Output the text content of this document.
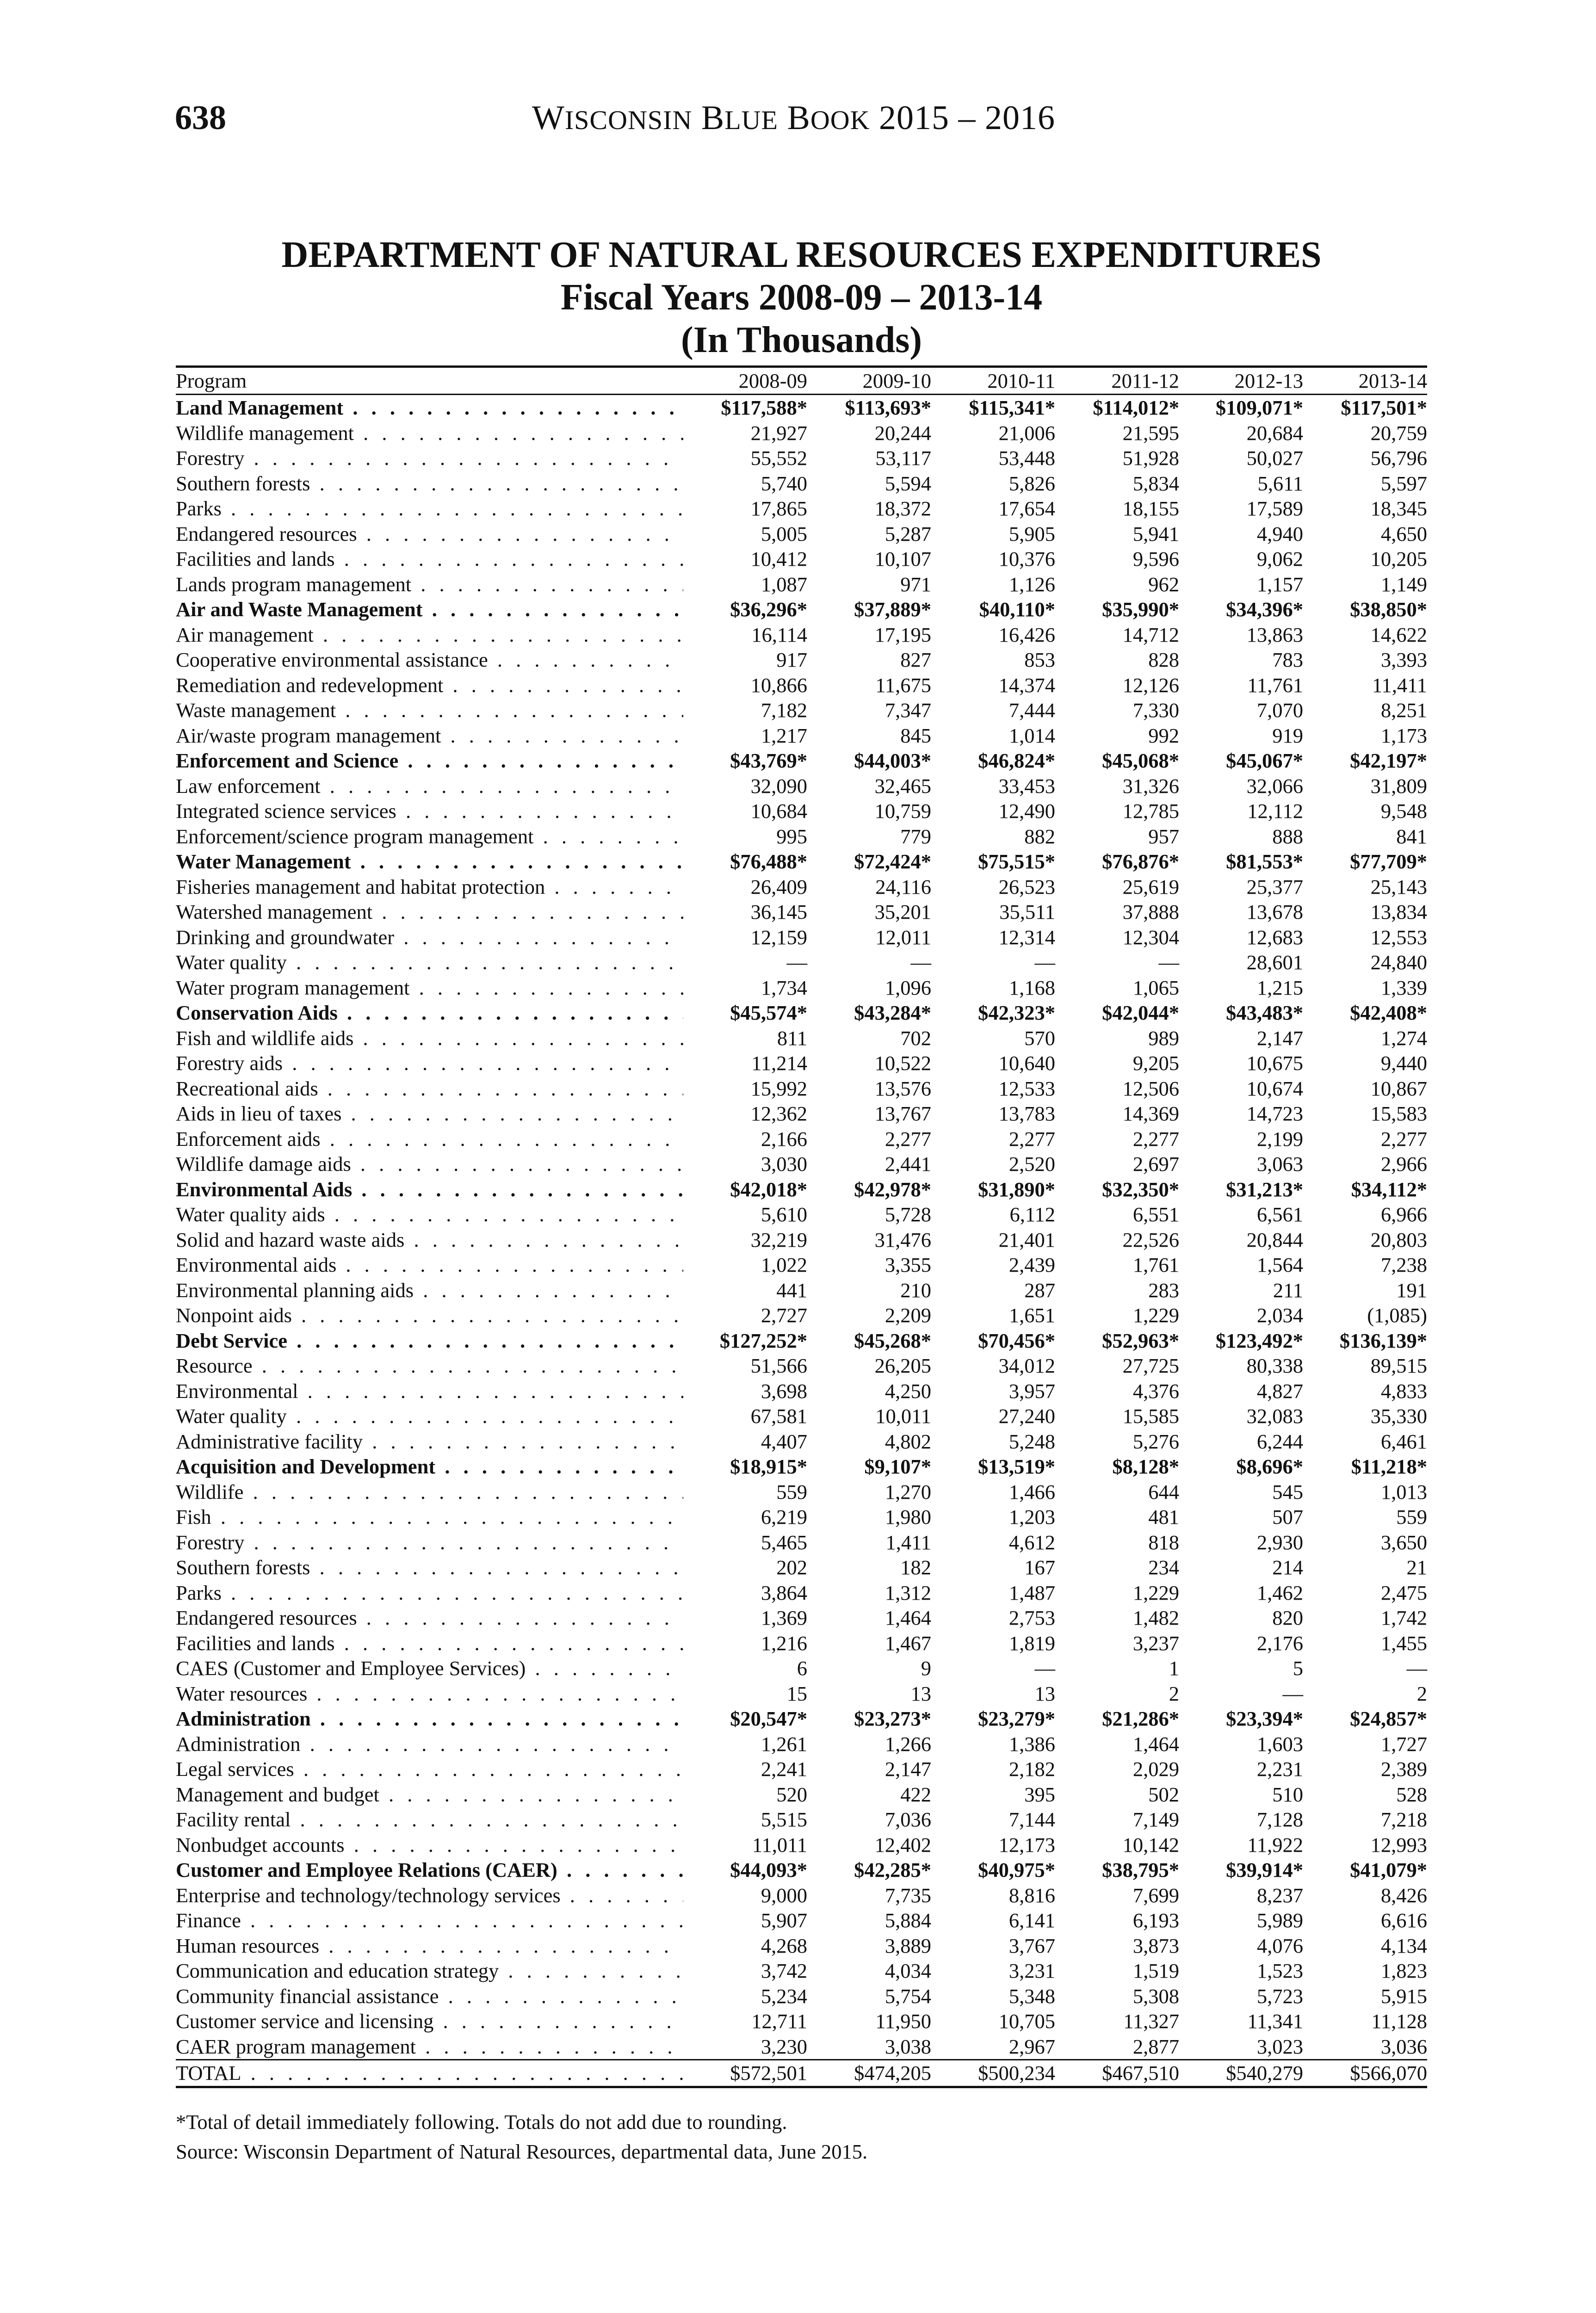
638	WISCONSIN BLUE BOOK 2015 – 2016
DEPARTMENT OF NATURAL RESOURCES EXPENDITURES
Fiscal Years 2008-09 – 2013-14
(In Thousands)
Program	2008-09	2009-10	2010-11	2011-12	2012-13	2013-14
Land Management . . .	$117,588*	$113,693*	$115,341*	$114,012*	$109,071*	$117,501*
Wildlife management . . .	21,927	20,244	21,006	21,595	20,684	20,759
Forestry . . .	55,552	53,117	53,448	51,928	50,027	56,796
Southern forests . . .	5,740	5,594	5,826	5,834	5,611	5,597
Parks . . .	17,865	18,372	17,654	18,155	17,589	18,345
Endangered resources . . .	5,005	5,287	5,905	5,941	4,940	4,650
Facilities and lands . . .	10,412	10,107	10,376	9,596	9,062	10,205
Lands program management . . .	1,087	971	1,126	962	1,157	1,149
Air and Waste Management . . .	$36,296*	$37,889*	$40,110*	$35,990*	$34,396*	$38,850*
Air management . . .	16,114	17,195	16,426	14,712	13,863	14,622
Cooperative environmental assistance . . .	917	827	853	828	783	3,393
Remediation and redevelopment . . .	10,866	11,675	14,374	12,126	11,761	11,411
Waste management . . .	7,182	7,347	7,444	7,330	7,070	8,251
Air/waste program management . . .	1,217	845	1,014	992	919	1,173
Enforcement and Science . . .	$43,769*	$44,003*	$46,824*	$45,068*	$45,067*	$42,197*
Law enforcement . . .	32,090	32,465	33,453	31,326	32,066	31,809
Integrated science services . . .	10,684	10,759	12,490	12,785	12,112	9,548
Enforcement/science program management . . .	995	779	882	957	888	841
Water Management . . .	$76,488*	$72,424*	$75,515*	$76,876*	$81,553*	$77,709*
Fisheries management and habitat protection . . .	26,409	24,116	26,523	25,619	25,377	25,143
Watershed management . . .	36,145	35,201	35,511	37,888	13,678	13,834
Drinking and groundwater . . .	12,159	12,011	12,314	12,304	12,683	12,553
Water quality . . .	—	—	—	—	28,601	24,840
Water program management . . .	1,734	1,096	1,168	1,065	1,215	1,339
Conservation Aids . . .	$45,574*	$43,284*	$42,323*	$42,044*	$43,483*	$42,408*
Fish and wildlife aids . . .	811	702	570	989	2,147	1,274
Forestry aids . . .	11,214	10,522	10,640	9,205	10,675	9,440
Recreational aids . . .	15,992	13,576	12,533	12,506	10,674	10,867
Aids in lieu of taxes . . .	12,362	13,767	13,783	14,369	14,723	15,583
Enforcement aids . . .	2,166	2,277	2,277	2,277	2,199	2,277
Wildlife damage aids . . .	3,030	2,441	2,520	2,697	3,063	2,966
Environmental Aids . . .	$42,018*	$42,978*	$31,890*	$32,350*	$31,213*	$34,112*
Water quality aids . . .	5,610	5,728	6,112	6,551	6,561	6,966
Solid and hazard waste aids . . .	32,219	31,476	21,401	22,526	20,844	20,803
Environmental aids . . .	1,022	3,355	2,439	1,761	1,564	7,238
Environmental planning aids . . .	441	210	287	283	211	191
Nonpoint aids . . .	2,727	2,209	1,651	1,229	2,034	(1,085)
Debt Service . . .	$127,252*	$45,268*	$70,456*	$52,963*	$123,492*	$136,139*
Resource . . .	51,566	26,205	34,012	27,725	80,338	89,515
Environmental . . .	3,698	4,250	3,957	4,376	4,827	4,833
Water quality . . .	67,581	10,011	27,240	15,585	32,083	35,330
Administrative facility . . .	4,407	4,802	5,248	5,276	6,244	6,461
Acquisition and Development . . .	$18,915*	$9,107*	$13,519*	$8,128*	$8,696*	$11,218*
Wildlife . . .	559	1,270	1,466	644	545	1,013
Fish . . .	6,219	1,980	1,203	481	507	559
Forestry . . .	5,465	1,411	4,612	818	2,930	3,650
Southern forests . . .	202	182	167	234	214	21
Parks . . .	3,864	1,312	1,487	1,229	1,462	2,475
Endangered resources . . .	1,369	1,464	2,753	1,482	820	1,742
Facilities and lands . . .	1,216	1,467	1,819	3,237	2,176	1,455
CAES (Customer and Employee Services) . . .	6	9	—	1	5	—
Water resources . . .	15	13	13	2	—	2
Administration . . .	$20,547*	$23,273*	$23,279*	$21,286*	$23,394*	$24,857*
Administration . . .	1,261	1,266	1,386	1,464	1,603	1,727
Legal services . . .	2,241	2,147	2,182	2,029	2,231	2,389
Management and budget . . .	520	422	395	502	510	528
Facility rental . . .	5,515	7,036	7,144	7,149	7,128	7,218
Nonbudget accounts . . .	11,011	12,402	12,173	10,142	11,922	12,993
Customer and Employee Relations (CAER) . . .	$44,093*	$42,285*	$40,975*	$38,795*	$39,914*	$41,079*
Enterprise and technology/technology services . . .	9,000	7,735	8,816	7,699	8,237	8,426
Finance . . .	5,907	5,884	6,141	6,193	5,989	6,616
Human resources . . .	4,268	3,889	3,767	3,873	4,076	4,134
Communication and education strategy . . .	3,742	4,034	3,231	1,519	1,523	1,823
Community financial assistance . . .	5,234	5,754	5,348	5,308	5,723	5,915
Customer service and licensing . . .	12,711	11,950	10,705	11,327	11,341	11,128
CAER program management . . .	3,230	3,038	2,967	2,877	3,023	3,036
TOTAL . . .	$572,501	$474,205	$500,234	$467,510	$540,279	$566,070
*Total of detail immediately following. Totals do not add due to rounding.
Source: Wisconsin Department of Natural Resources, departmental data, June 2015.
